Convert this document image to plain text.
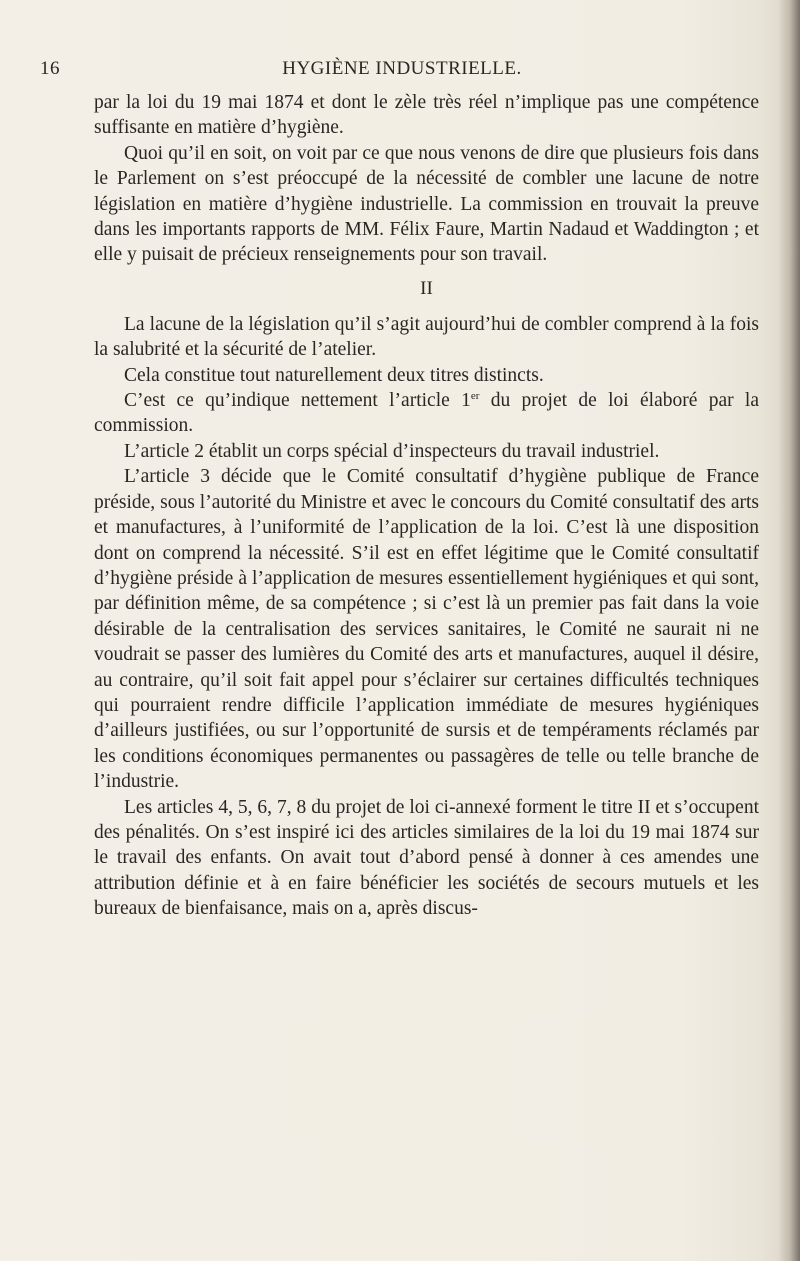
16	HYGIÈNE INDUSTRIELLE.

par la loi du 19 mai 1874 et dont le zèle très réel n’implique pas une compétence suffisante en matière d’hygiène.

Quoi qu’il en soit, on voit par ce que nous venons de dire que plusieurs fois dans le Parlement on s’est préoccupé de la nécessité de combler une lacune de notre législation en matière d’hygiène industrielle. La commission en trouvait la preuve dans les importants rapports de MM. Félix Faure, Martin Nadaud et Waddington ; et elle y puisait de précieux renseignements pour son travail.

II

La lacune de la législation qu’il s’agit aujourd’hui de combler comprend à la fois la salubrité et la sécurité de l’atelier.

Cela constitue tout naturellement deux titres distincts.

C’est ce qu’indique nettement l’article 1er du projet de loi élaboré par la commission.

L’article 2 établit un corps spécial d’inspecteurs du travail industriel.

L’article 3 décide que le Comité consultatif d’hygiène publique de France préside, sous l’autorité du Ministre et avec le concours du Comité consultatif des arts et manufactures, à l’uniformité de l’application de la loi. C’est là une disposition dont on comprend la nécessité. S’il est en effet légitime que le Comité consultatif d’hygiène préside à l’application de mesures essentiellement hygiéniques et qui sont, par définition même, de sa compétence ; si c’est là un premier pas fait dans la voie désirable de la centralisation des services sanitaires, le Comité ne saurait ni ne voudrait se passer des lumières du Comité des arts et manufactures, auquel il désire, au contraire, qu’il soit fait appel pour s’éclairer sur certaines difficultés techniques qui pourraient rendre difficile l’application immédiate de mesures hygiéniques d’ailleurs justifiées, ou sur l’opportunité de sursis et de tempéraments réclamés par les conditions économiques permanentes ou passagères de telle ou telle branche de l’industrie.

Les articles 4, 5, 6, 7, 8 du projet de loi ci-annexé forment le titre II et s’occupent des pénalités. On s’est inspiré ici des articles similaires de la loi du 19 mai 1874 sur le travail des enfants. On avait tout d’abord pensé à donner à ces amendes une attribution définie et à en faire bénéficier les sociétés de secours mutuels et les bureaux de bienfaisance, mais on a, après discus-
